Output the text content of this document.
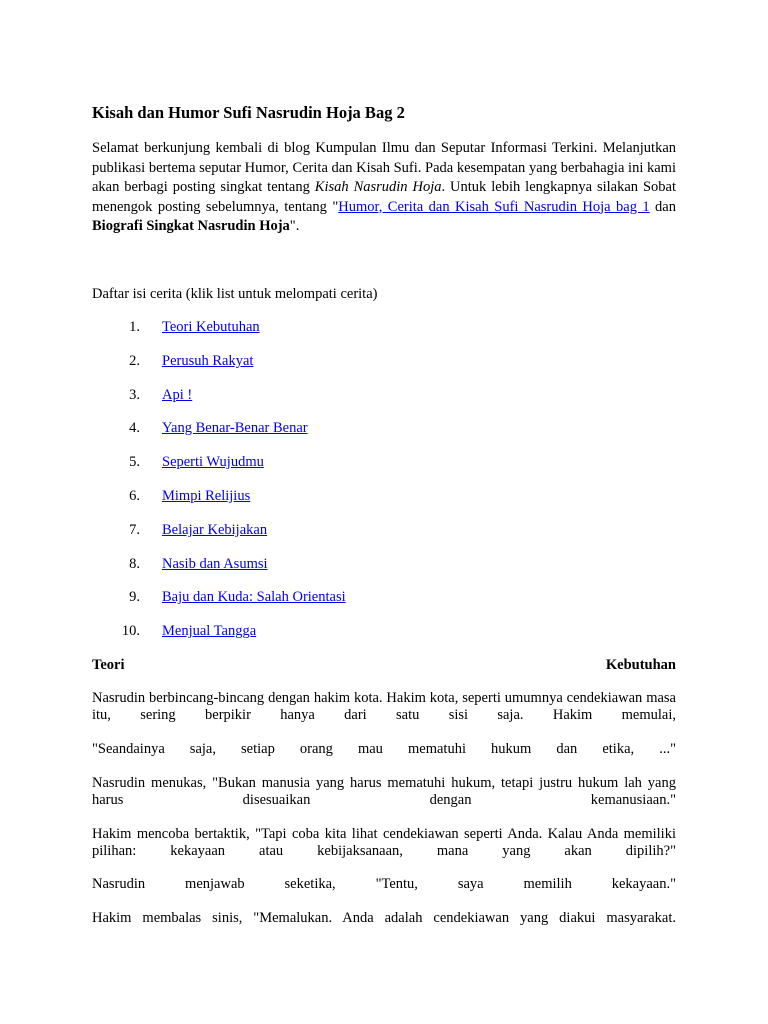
Kisah dan Humor Sufi Nasrudin Hoja Bag 2

Selamat berkunjung kembali di blog Kumpulan Ilmu dan Seputar Informasi Terkini. Melanjutkan publikasi bertema seputar Humor, Cerita dan Kisah Sufi. Pada kesempatan yang berbahagia ini kami akan berbagi posting singkat tentang Kisah Nasrudin Hoja. Untuk lebih lengkapnya silakan Sobat menengok posting sebelumnya, tentang "Humor, Cerita dan Kisah Sufi Nasrudin Hoja bag 1 dan Biografi Singkat Nasrudin Hoja".

Daftar isi cerita (klik list untuk melompati cerita)

1. Teori Kebutuhan
2. Perusuh Rakyat
3. Api !
4. Yang Benar-Benar Benar
5. Seperti Wujudmu
6. Mimpi Relijius
7. Belajar Kebijakan
8. Nasib dan Asumsi
9. Baju dan Kuda: Salah Orientasi
10. Menjual Tangga
Teori	Kebutuhan

Nasrudin berbincang-bincang dengan hakim kota. Hakim kota, seperti umumnya cendekiawan masa itu, sering berpikir hanya dari satu sisi saja. Hakim memulai,

"Seandainya saja, setiap orang mau mematuhi hukum dan etika, ..."

Nasrudin menukas, "Bukan manusia yang harus mematuhi hukum, tetapi justru hukum lah yang harus disesuaikan dengan kemanusiaan."

Hakim mencoba bertaktik, "Tapi coba kita lihat cendekiawan seperti Anda. Kalau Anda memiliki pilihan: kekayaan atau kebijaksanaan, mana yang akan dipilih?"

Nasrudin menjawab seketika, "Tentu, saya memilih kekayaan."

Hakim membalas sinis, "Memalukan. Anda adalah cendekiawan yang diakui masyarakat.
